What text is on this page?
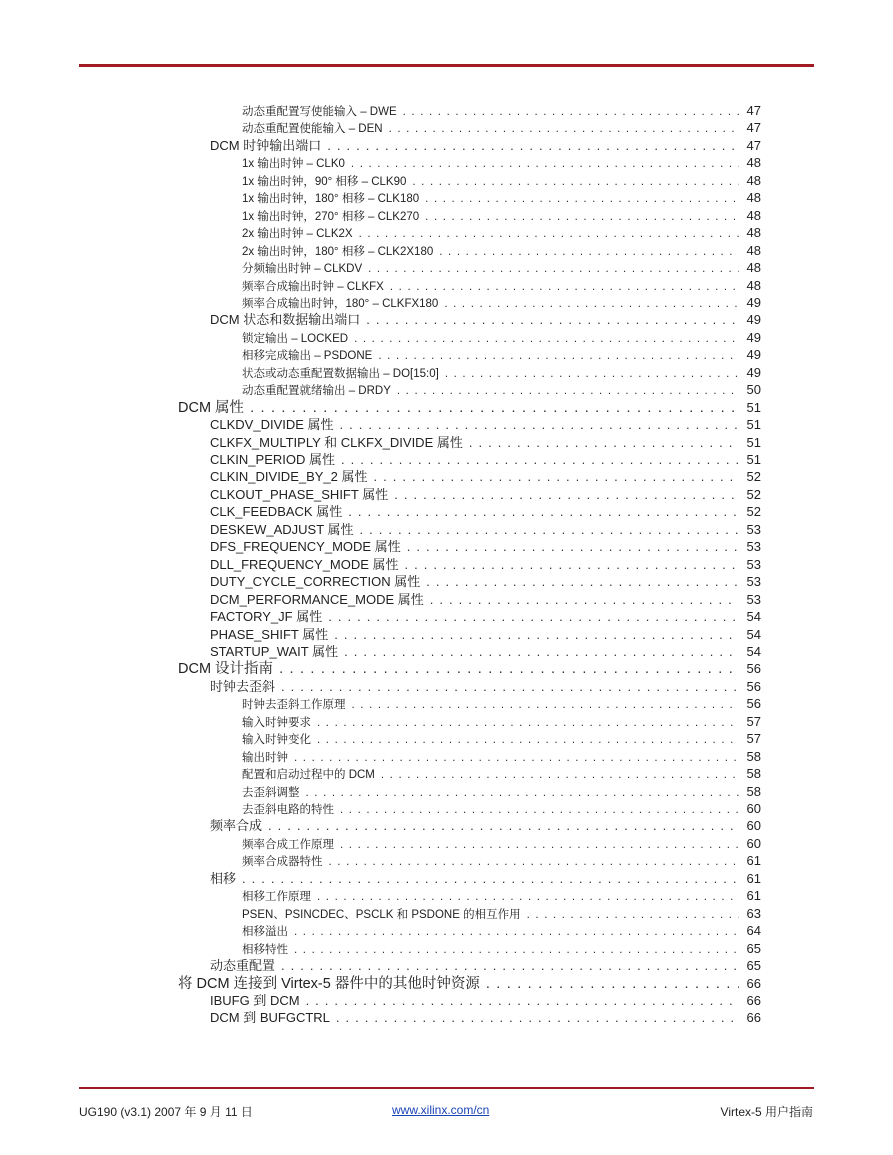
动态重配置写使能输入 – DWE . . .	47
动态重配置使能输入 – DEN . . .	47
DCM 时钟输出端口 . . .	47
1x 输出时钟 – CLK0 . . .	48
1x 输出时钟，90° 相移 – CLK90 . . .	48
1x 输出时钟，180° 相移 – CLK180 . . .	48
1x 输出时钟，270° 相移 – CLK270 . . .	48
2x 输出时钟 – CLK2X . . .	48
2x 输出时钟，180° 相移 – CLK2X180 . . .	48
分频输出时钟 – CLKDV . . .	48
频率合成输出时钟 – CLKFX . . .	48
频率合成输出时钟，180° – CLKFX180 . . .	49
DCM 状态和数据输出端口 . . .	49
锁定输出 – LOCKED . . .	49
相移完成输出 – PSDONE . . .	49
状态或动态重配置数据输出 – DO[15:0] . . .	49
动态重配置就绪输出 – DRDY . . .	50
DCM 属性 . . .	51
CLKDV_DIVIDE 属性 . . .	51
CLKFX_MULTIPLY 和 CLKFX_DIVIDE 属性 . . .	51
CLKIN_PERIOD 属性 . . .	51
CLKIN_DIVIDE_BY_2 属性 . . .	52
CLKOUT_PHASE_SHIFT 属性 . . .	52
CLK_FEEDBACK 属性 . . .	52
DESKEW_ADJUST 属性 . . .	53
DFS_FREQUENCY_MODE 属性 . . .	53
DLL_FREQUENCY_MODE 属性 . . .	53
DUTY_CYCLE_CORRECTION 属性 . . .	53
DCM_PERFORMANCE_MODE 属性 . . .	53
FACTORY_JF 属性 . . .	54
PHASE_SHIFT 属性 . . .	54
STARTUP_WAIT 属性 . . .	54
DCM 设计指南 . . .	56
时钟去歪斜 . . .	56
时钟去歪斜工作原理 . . .	56
输入时钟要求 . . .	57
输入时钟变化 . . .	57
输出时钟 . . .	58
配置和启动过程中的 DCM . . .	58
去歪斜调整 . . .	58
去歪斜电路的特性 . . .	60
频率合成 . . .	60
频率合成工作原理 . . .	60
频率合成器特性 . . .	61
相移 . . .	61
相移工作原理 . . .	61
PSEN、PSINCDEC、PSCLK 和 PSDONE 的相互作用 . . .	63
相移溢出 . . .	64
相移特性 . . .	65
动态重配置 . . .	65
将 DCM 连接到 Virtex-5 器件中的其他时钟资源 . . .	66
IBUFG 到 DCM . . .	66
DCM 到 BUFGCTRL . . .	66
UG190 (v3.1) 2007 年 9 月 11 日	www.xilinx.com/cn	Virtex-5 用户指南
